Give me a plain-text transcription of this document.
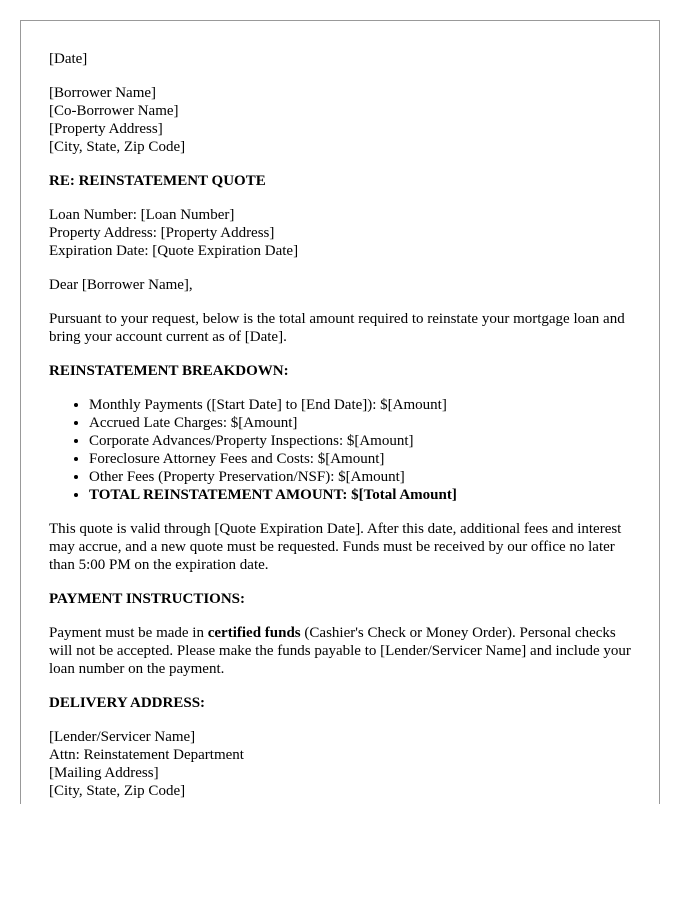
[Date]
[Borrower Name]
[Co-Borrower Name]
[Property Address]
[City, State, Zip Code]
RE: REINSTATEMENT QUOTE
Loan Number: [Loan Number]
Property Address: [Property Address]
Expiration Date: [Quote Expiration Date]
Dear [Borrower Name],
Pursuant to your request, below is the total amount required to reinstate your mortgage loan and bring your account current as of [Date].
REINSTATEMENT BREAKDOWN:
• Monthly Payments ([Start Date] to [End Date]): $[Amount]
• Accrued Late Charges: $[Amount]
• Corporate Advances/Property Inspections: $[Amount]
• Foreclosure Attorney Fees and Costs: $[Amount]
• Other Fees (Property Preservation/NSF): $[Amount]
• TOTAL REINSTATEMENT AMOUNT: $[Total Amount]
This quote is valid through [Quote Expiration Date]. After this date, additional fees and interest may accrue, and a new quote must be requested. Funds must be received by our office no later than 5:00 PM on the expiration date.
PAYMENT INSTRUCTIONS:
Payment must be made in certified funds (Cashier's Check or Money Order). Personal checks will not be accepted. Please make the funds payable to [Lender/Servicer Name] and include your loan number on the payment.
DELIVERY ADDRESS:
[Lender/Servicer Name]
Attn: Reinstatement Department
[Mailing Address]
[City, State, Zip Code]
